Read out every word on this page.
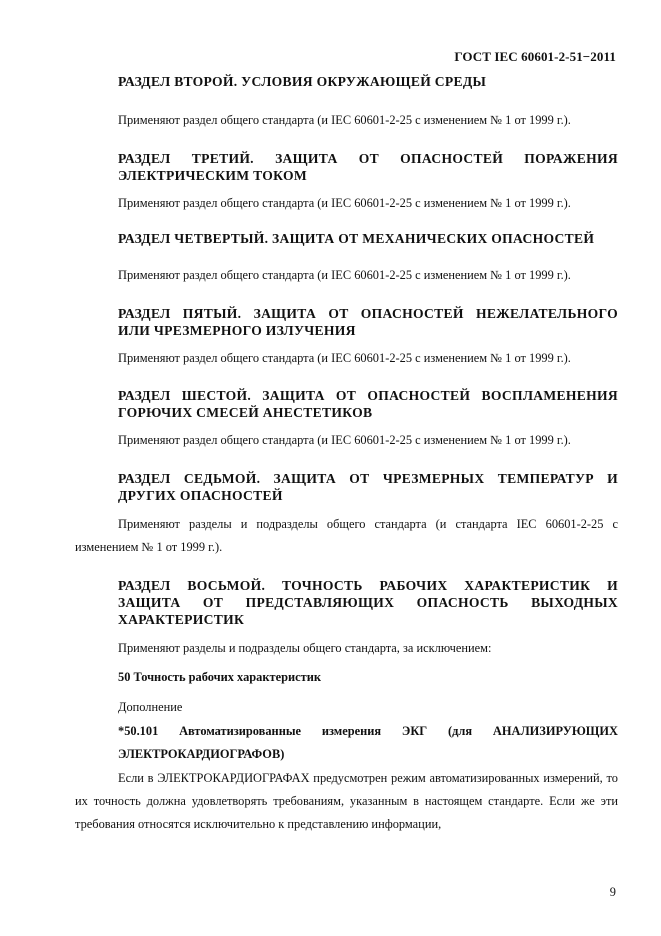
ГОСТ IEC 60601-2-51−2011
РАЗДЕЛ ВТОРОЙ. УСЛОВИЯ ОКРУЖАЮЩЕЙ СРЕДЫ
Применяют раздел общего стандарта (и IEC 60601-2-25 с изменением № 1 от 1999 г.).
РАЗДЕЛ ТРЕТИЙ. ЗАЩИТА ОТ ОПАСНОСТЕЙ ПОРАЖЕНИЯ
ЭЛЕКТРИЧЕСКИМ ТОКОМ
Применяют раздел общего стандарта (и IEC 60601-2-25 с изменением № 1 от 1999 г.).
РАЗДЕЛ ЧЕТВЕРТЫЙ. ЗАЩИТА ОТ МЕХАНИЧЕСКИХ ОПАСНОСТЕЙ
Применяют раздел общего стандарта (и IEC 60601-2-25 с изменением № 1 от 1999 г.).
РАЗДЕЛ ПЯТЫЙ. ЗАЩИТА ОТ ОПАСНОСТЕЙ НЕЖЕЛАТЕЛЬНОГО
ИЛИ ЧРЕЗМЕРНОГО ИЗЛУЧЕНИЯ
Применяют раздел общего стандарта (и IEC 60601-2-25 с изменением № 1 от 1999 г.).
РАЗДЕЛ ШЕСТОЙ. ЗАЩИТА ОТ ОПАСНОСТЕЙ ВОСПЛАМЕНЕНИЯ
ГОРЮЧИХ СМЕСЕЙ АНЕСТЕТИКОВ
Применяют раздел общего стандарта (и IEC 60601-2-25 с изменением № 1 от 1999 г.).
РАЗДЕЛ СЕДЬМОЙ. ЗАЩИТА ОТ ЧРЕЗМЕРНЫХ ТЕМПЕРАТУР И
ДРУГИХ ОПАСНОСТЕЙ
Применяют разделы и подразделы общего стандарта (и стандарта IEC 60601-2-25 с изменением № 1 от 1999 г.).
РАЗДЕЛ ВОСЬМОЙ. ТОЧНОСТЬ РАБОЧИХ ХАРАКТЕРИСТИК И
ЗАЩИТА ОТ ПРЕДСТАВЛЯЮЩИХ ОПАСНОСТЬ ВЫХОДНЫХ
ХАРАКТЕРИСТИК
Применяют разделы и подразделы общего стандарта, за исключением:
50 Точность рабочих характеристик
Дополнение
*50.101 Автоматизированные измерения ЭКГ (для АНАЛИЗИРУЮЩИХ
ЭЛЕКТРОКАРДИОГРАФОВ)
Если в ЭЛЕКТРОКАРДИОГРАФАХ предусмотрен режим автоматизированных измерений, то их точность должна удовлетворять требованиям, указанным в настоящем стандарте. Если же эти требования относятся исключительно к представлению информации,
9
